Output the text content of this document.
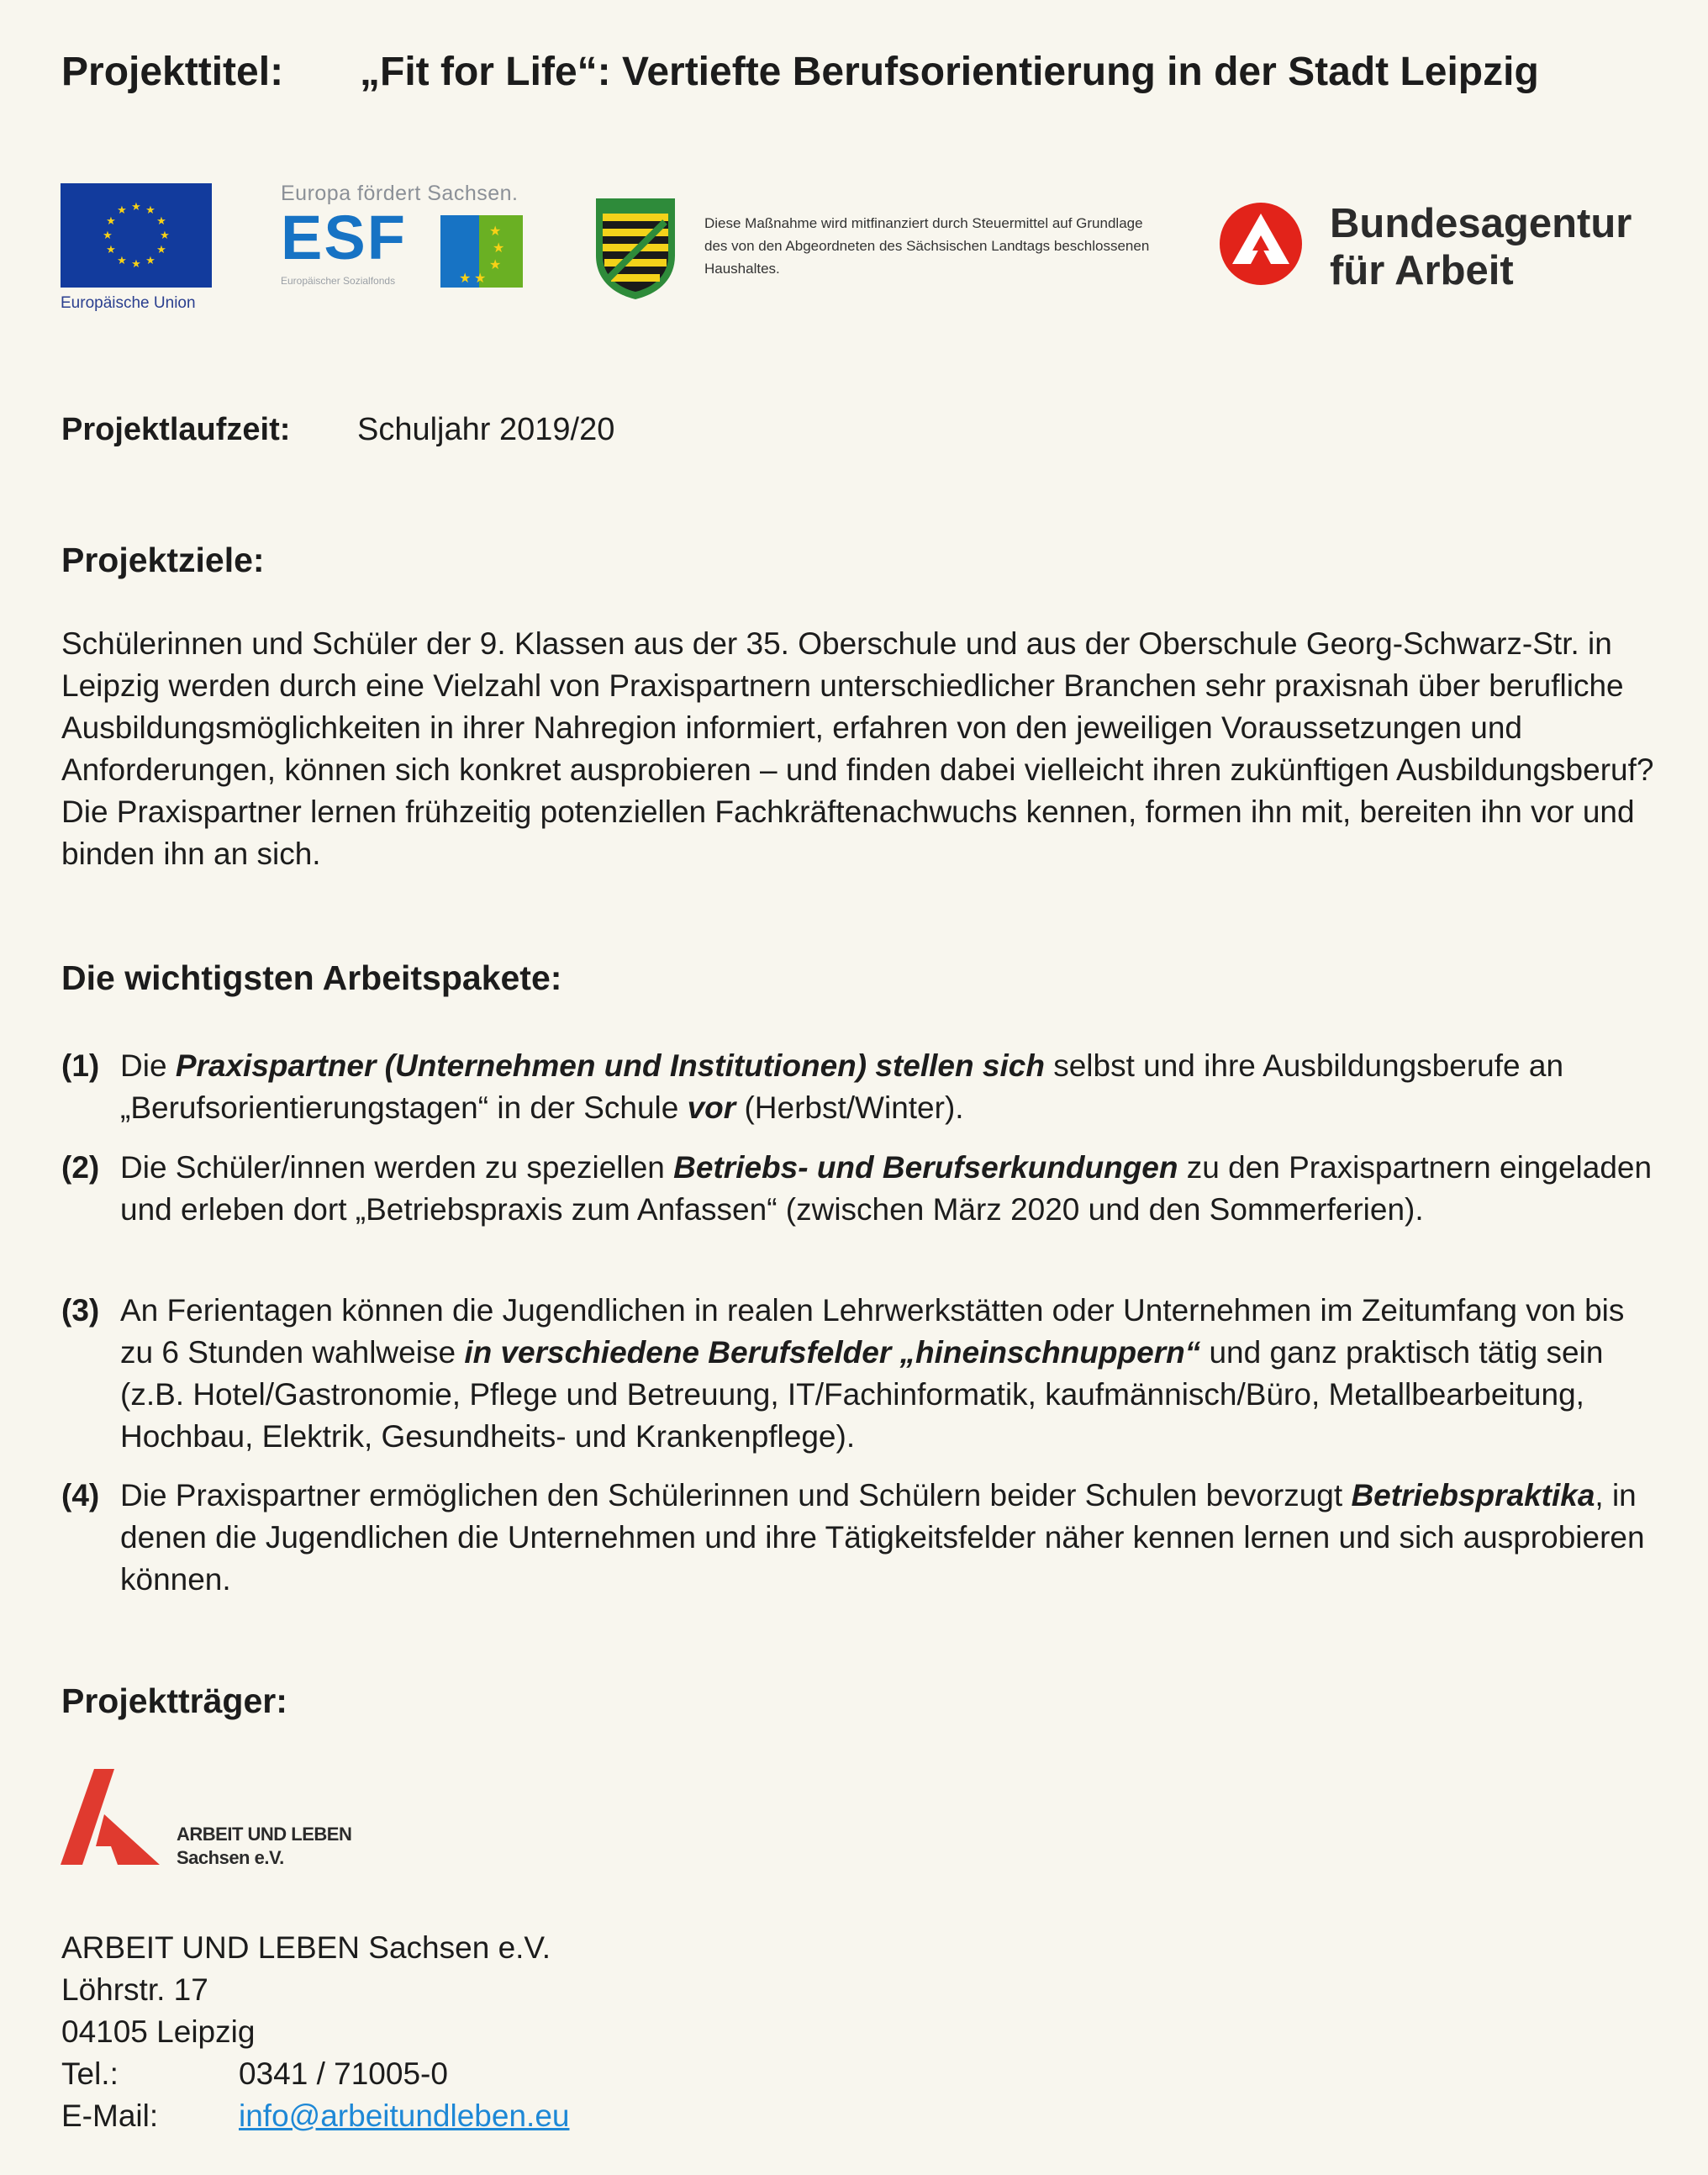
Projekttitel: „Fit for Life“: Vertiefte Berufsorientierung in der Stadt Leipzig
★ ★
★
★
★
★
★
★
★
★
★
★
Europäische Union
Europa fördert Sachsen.
ESF
★ ★
★
★
★
Europäischer Sozialfonds
Diese Maßnahme wird mitfinanziert durch Steuermittel auf Grundlage des von den Abgeordneten des Sächsischen Landtags beschlossenen Haushaltes.
Bundesagentur
für Arbeit
Projektlaufzeit: Schuljahr 2019/20
Projektziele:

Schülerinnen und Schüler der 9. Klassen aus der 35. Oberschule und aus der Oberschule Georg-Schwarz-Str. in Leipzig werden durch eine Vielzahl von Praxispartnern unterschiedlicher Branchen sehr praxisnah über berufliche Ausbildungsmöglichkeiten in ihrer Nahregion informiert, erfahren von den jeweiligen Voraussetzungen und Anforderungen, können sich konkret ausprobieren – und finden dabei vielleicht ihren zukünftigen Ausbildungsberuf?

Die Praxispartner lernen frühzeitig potenziellen Fachkräftenachwuchs kennen, formen ihn mit, bereiten ihn vor und binden ihn an sich.

Die wichtigsten Arbeitspakete:
(1) Die Praxispartner (Unternehmen und Institutionen) stellen sich selbst und ihre Ausbildungsberufe an „Berufsorientierungstagen“ in der Schule vor (Herbst/Winter).
(2) Die Schüler/innen werden zu speziellen Betriebs- und Berufserkundungen zu den Praxispartnern eingeladen und erleben dort „Betriebspraxis zum Anfassen“ (zwischen März 2020 und den Sommerferien).
(3) An Ferientagen können die Jugendlichen in realen Lehrwerkstätten oder Unternehmen im Zeitumfang von bis zu 6 Stunden wahlweise in verschiedene Berufsfelder „hineinschnuppern“ und ganz praktisch tätig sein (z.B. Hotel/Gastronomie, Pflege und Betreuung, IT/Fachinformatik, kaufmännisch/Büro, Metallbearbeitung, Hochbau, Elektrik, Gesundheits- und Krankenpflege).
(4) Die Praxispartner ermöglichen den Schülerinnen und Schülern beider Schulen bevorzugt Betriebspraktika, in denen die Jugendlichen die Unternehmen und ihre Tätigkeitsfelder näher kennen lernen und sich ausprobieren können.
Projektträger:
ARBEIT UND LEBEN
Sachsen e.V.
ARBEIT UND LEBEN Sachsen e.V.
Löhrstr. 17
04105 Leipzig
Tel.:	0341 / 71005-0
E-Mail:	info@arbeitundleben.eu
